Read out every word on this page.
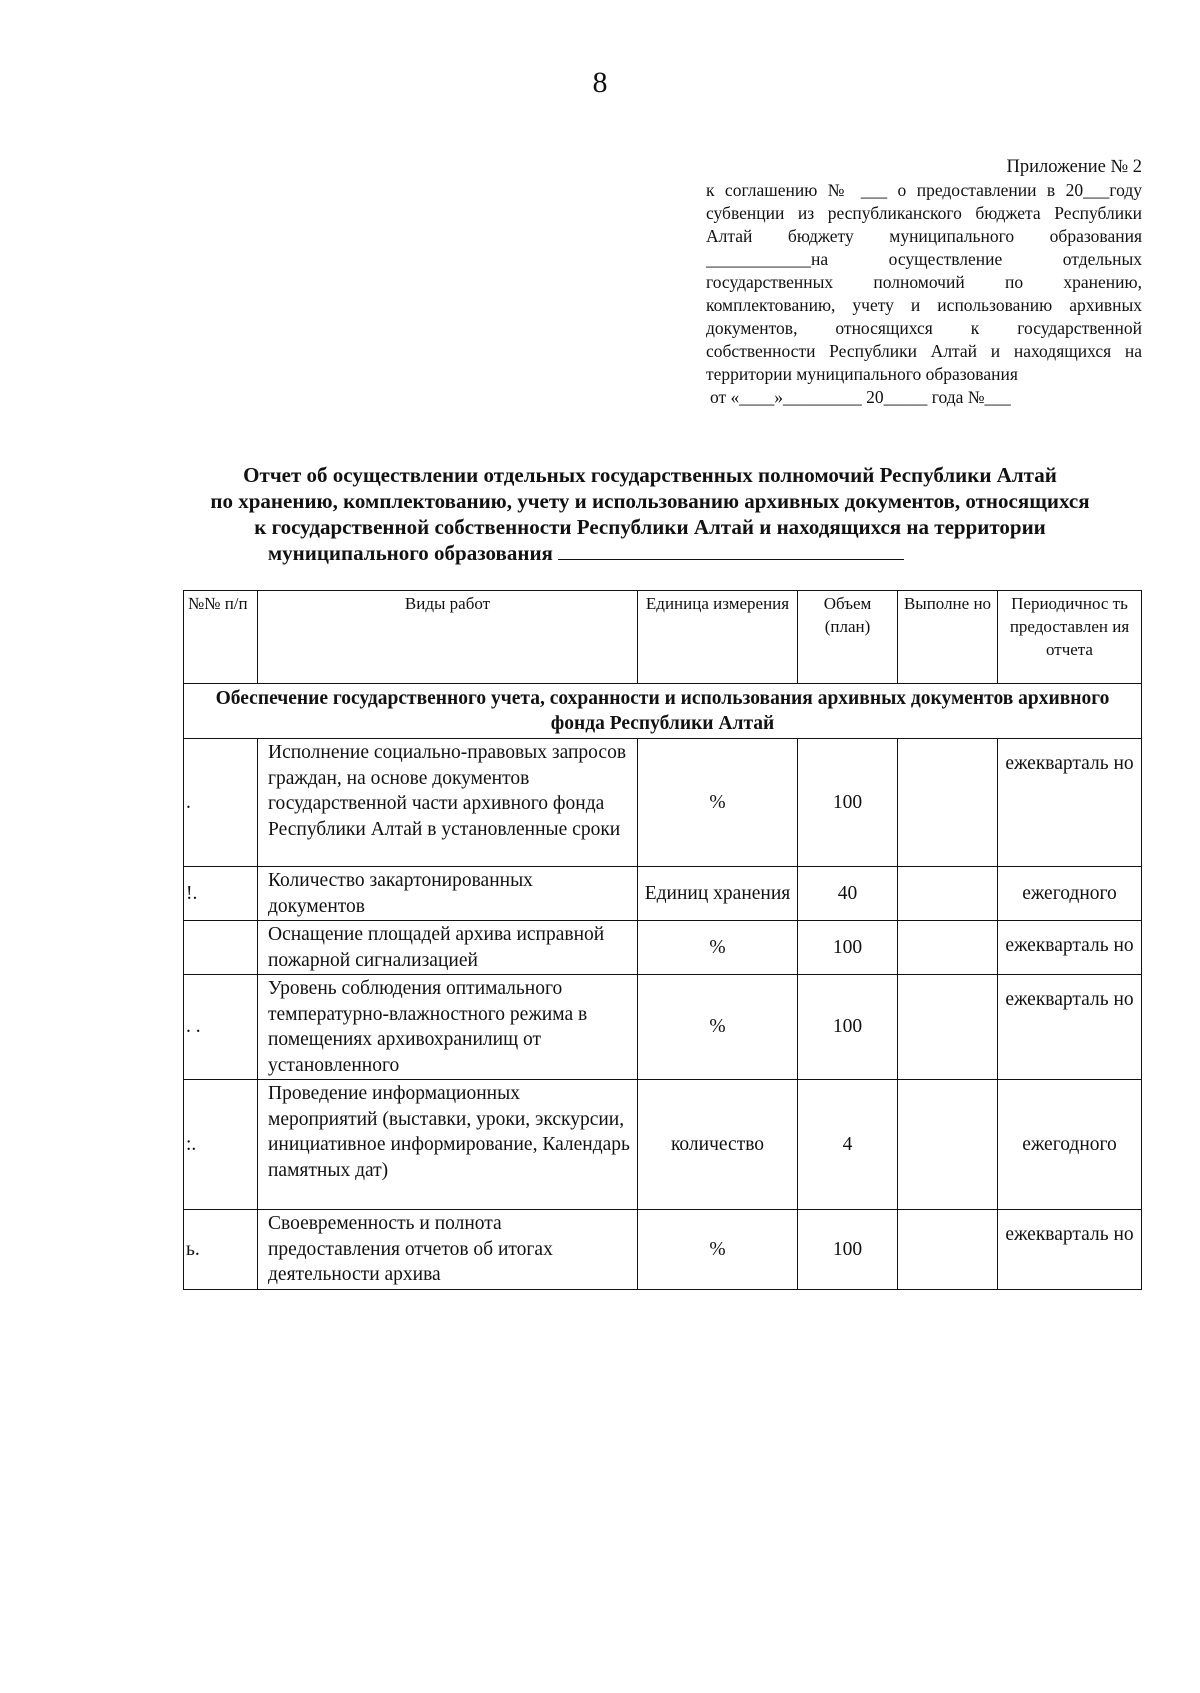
8
Приложение № 2
к соглашению № ___ о предоставлении в 20___году субвенции из республиканского бюджета Республики Алтай бюджету муниципального образования ____________на осуществление отдельных государственных полномочий по хранению, комплектованию, учету и использованию архивных документов, относящихся к государственной собственности Республики Алтай и находящихся на территории муниципального образования
от «____»_________ 20_____ года №___
Отчет об осуществлении отдельных государственных полномочий Республики Алтай
по хранению, комплектованию, учету и использованию архивных документов, относящихся
к государственной собственности Республики Алтай и находящихся на территории
муниципального образования
№№ п/п	Виды работ	Единица измерения	Объем (план)	Выполне но	Периодичнос ть предоставлен ия отчета
Обеспечение государственного учета, сохранности и использования архивных документов архивного фонда Республики Алтай					
.	Исполнение социально-правовых запросов граждан, на основе документов государственной части архивного фонда Республики Алтай в установленные сроки	%	100		ежекварталь но
!.	Количество закартонированных документов	Единиц хранения	40		ежегодного
	Оснащение площадей архива исправной пожарной сигнализацией	%	100		ежекварталь но
. .	Уровень соблюдения оптимального температурно-влажностного режима в помещениях архивохранилищ от установленного	%	100		ежекварталь но
:.	Проведение информационных мероприятий (выставки, уроки, экскурсии, инициативное информирование, Календарь памятных дат)	количество	4		ежегодного
ь.	Своевременность и полнота предоставления отчетов об итогах деятельности архива	%	100		ежекварталь но
